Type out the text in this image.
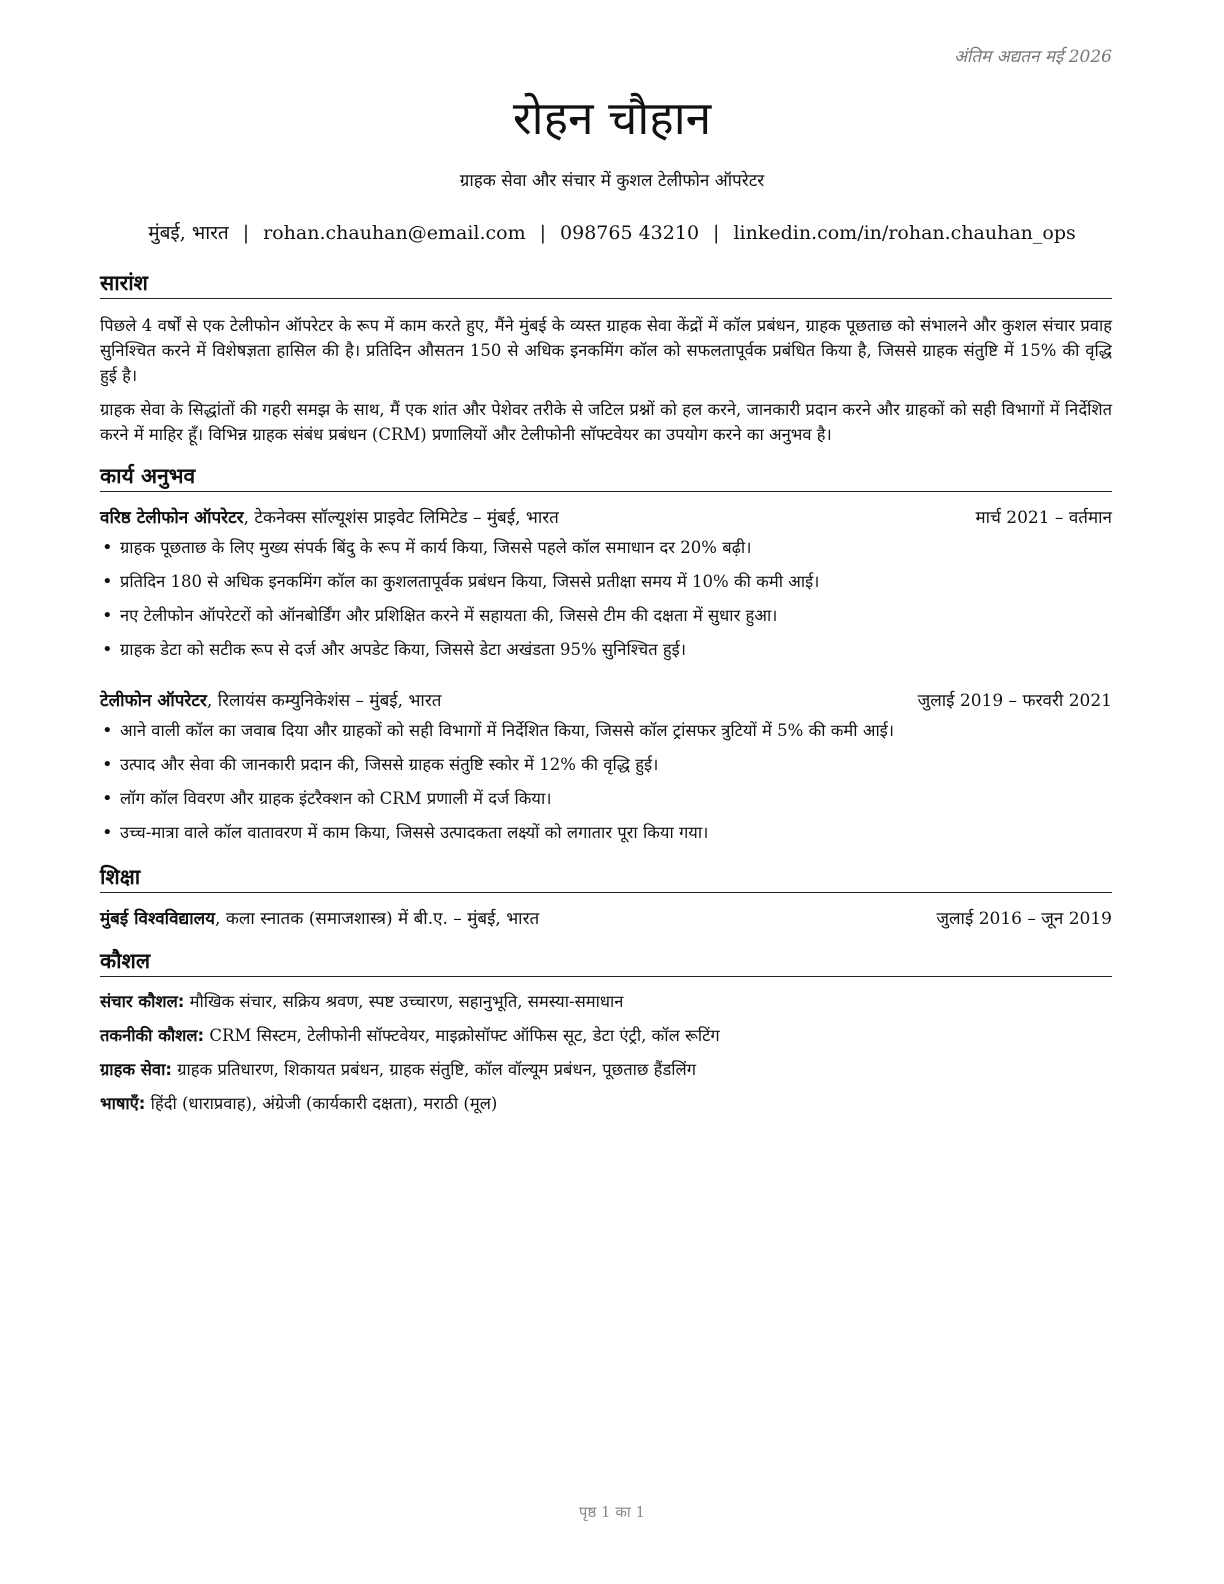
अंतिम अद्यतन मई 2026
रोहन चौहान
ग्राहक सेवा और संचार में कुशल टेलीफोन ऑपरेटर
मुंबई, भारत | rohan.chauhan@email.com | 098765 43210 | linkedin.com/in/rohan.chauhan_ops
सारांश
पिछले 4 वर्षों से एक टेलीफोन ऑपरेटर के रूप में काम करते हुए, मैंने मुंबई के व्यस्त ग्राहक सेवा केंद्रों में कॉल प्रबंधन, ग्राहक पूछताछ को संभालने और कुशल संचार प्रवाह सुनिश्चित करने में विशेषज्ञता हासिल की है। प्रतिदिन औसतन 150 से अधिक इनकमिंग कॉल को सफलतापूर्वक प्रबंधित किया है, जिससे ग्राहक संतुष्टि में 15% की वृद्धि हुई है।
ग्राहक सेवा के सिद्धांतों की गहरी समझ के साथ, मैं एक शांत और पेशेवर तरीके से जटिल प्रश्नों को हल करने, जानकारी प्रदान करने और ग्राहकों को सही विभागों में निर्देशित करने में माहिर हूँ। विभिन्न ग्राहक संबंध प्रबंधन (CRM) प्रणालियों और टेलीफोनी सॉफ्टवेयर का उपयोग करने का अनुभव है।
कार्य अनुभव
वरिष्ठ टेलीफोन ऑपरेटर, टेकनेक्स सॉल्यूशंस प्राइवेट लिमिटेड – मुंबई, भारत	मार्च 2021 – वर्तमान
• ग्राहक पूछताछ के लिए मुख्य संपर्क बिंदु के रूप में कार्य किया, जिससे पहले कॉल समाधान दर 20% बढ़ी।
• प्रतिदिन 180 से अधिक इनकमिंग कॉल का कुशलतापूर्वक प्रबंधन किया, जिससे प्रतीक्षा समय में 10% की कमी आई।
• नए टेलीफोन ऑपरेटरों को ऑनबोर्डिंग और प्रशिक्षित करने में सहायता की, जिससे टीम की दक्षता में सुधार हुआ।
• ग्राहक डेटा को सटीक रूप से दर्ज और अपडेट किया, जिससे डेटा अखंडता 95% सुनिश्चित हुई।
टेलीफोन ऑपरेटर, रिलायंस कम्युनिकेशंस – मुंबई, भारत	जुलाई 2019 – फरवरी 2021
• आने वाली कॉल का जवाब दिया और ग्राहकों को सही विभागों में निर्देशित किया, जिससे कॉल ट्रांसफर त्रुटियों में 5% की कमी आई।
• उत्पाद और सेवा की जानकारी प्रदान की, जिससे ग्राहक संतुष्टि स्कोर में 12% की वृद्धि हुई।
• लॉग कॉल विवरण और ग्राहक इंटरैक्शन को CRM प्रणाली में दर्ज किया।
• उच्च-मात्रा वाले कॉल वातावरण में काम किया, जिससे उत्पादकता लक्ष्यों को लगातार पूरा किया गया।
शिक्षा
मुंबई विश्वविद्यालय, कला स्नातक (समाजशास्त्र) में बी.ए. – मुंबई, भारत	जुलाई 2016 – जून 2019
कौशल
संचार कौशल: मौखिक संचार, सक्रिय श्रवण, स्पष्ट उच्चारण, सहानुभूति, समस्या-समाधान
तकनीकी कौशल: CRM सिस्टम, टेलीफोनी सॉफ्टवेयर, माइक्रोसॉफ्ट ऑफिस सूट, डेटा एंट्री, कॉल रूटिंग
ग्राहक सेवा: ग्राहक प्रतिधारण, शिकायत प्रबंधन, ग्राहक संतुष्टि, कॉल वॉल्यूम प्रबंधन, पूछताछ हैंडलिंग
भाषाएँ: हिंदी (धाराप्रवाह), अंग्रेजी (कार्यकारी दक्षता), मराठी (मूल)
पृष्ठ 1 का 1
